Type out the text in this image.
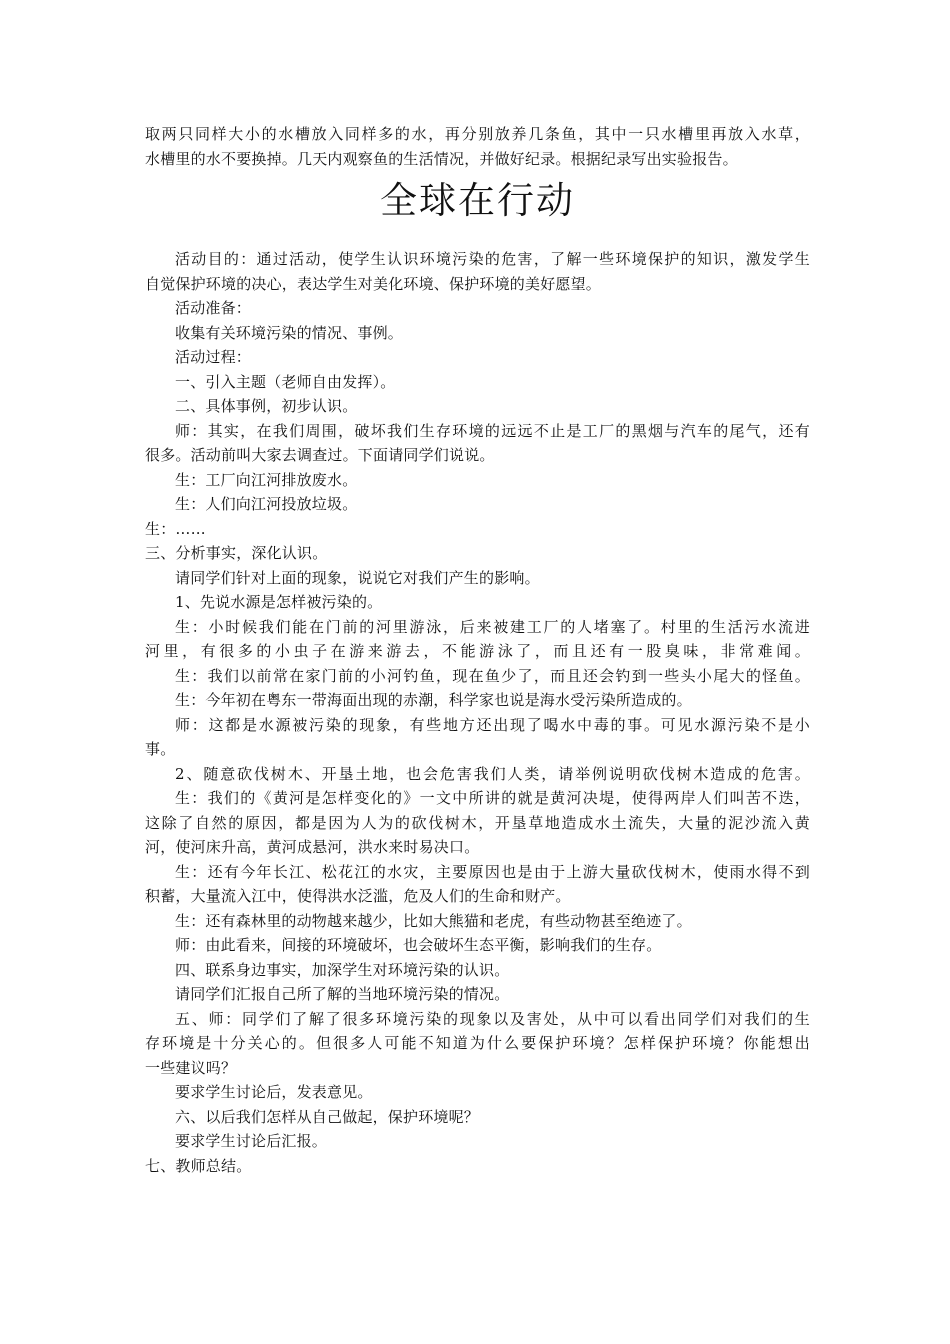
取两只同样大小的水槽放入同样多的水，再分别放养几条鱼，其中一只水槽里再放入水草，
水槽里的水不要换掉。几天内观察鱼的生活情况，并做好纪录。根据纪录写出实验报告。
全球在行动
活动目的：通过活动，使学生认识环境污染的危害，了解一些环境保护的知识，激发学生
自觉保护环境的决心，表达学生对美化环境、保护环境的美好愿望。
活动准备：
收集有关环境污染的情况、事例。
活动过程：
一、引入主题（老师自由发挥）。
二、具体事例，初步认识。
师：其实，在我们周围，破坏我们生存环境的远远不止是工厂的黑烟与汽车的尾气，还有
很多。活动前叫大家去调查过。下面请同学们说说。
生：工厂向江河排放废水。
生：人们向江河投放垃圾。
生：……
三、分析事实，深化认识。
请同学们针对上面的现象，说说它对我们产生的影响。
1、先说水源是怎样被污染的。
生：小时候我们能在门前的河里游泳，后来被建工厂的人堵塞了。村里的生活污水流进
河里，有很多的小虫子在游来游去，不能游泳了，而且还有一股臭味，非常难闻。
生：我们以前常在家门前的小河钓鱼，现在鱼少了，而且还会钓到一些头小尾大的怪鱼。
生：今年初在粤东一带海面出现的赤潮，科学家也说是海水受污染所造成的。
师：这都是水源被污染的现象，有些地方还出现了喝水中毒的事。可见水源污染不是小
事。
2、随意砍伐树木、开垦土地，也会危害我们人类，请举例说明砍伐树木造成的危害。
生：我们的《黄河是怎样变化的》一文中所讲的就是黄河决堤，使得两岸人们叫苦不迭，
这除了自然的原因，都是因为人为的砍伐树木，开垦草地造成水土流失，大量的泥沙流入黄
河，使河床升高，黄河成悬河，洪水来时易决口。
生：还有今年长江、松花江的水灾，主要原因也是由于上游大量砍伐树木，使雨水得不到
积蓄，大量流入江中，使得洪水泛滥，危及人们的生命和财产。
生：还有森林里的动物越来越少，比如大熊猫和老虎，有些动物甚至绝迹了。
师：由此看来，间接的环境破坏，也会破坏生态平衡，影响我们的生存。
四、联系身边事实，加深学生对环境污染的认识。
请同学们汇报自己所了解的当地环境污染的情况。
五、师：同学们了解了很多环境污染的现象以及害处，从中可以看出同学们对我们的生
存环境是十分关心的。但很多人可能不知道为什么要保护环境？怎样保护环境？你能想出
一些建议吗？
要求学生讨论后，发表意见。
六、以后我们怎样从自己做起，保护环境呢？
要求学生讨论后汇报。
七、教师总结。
